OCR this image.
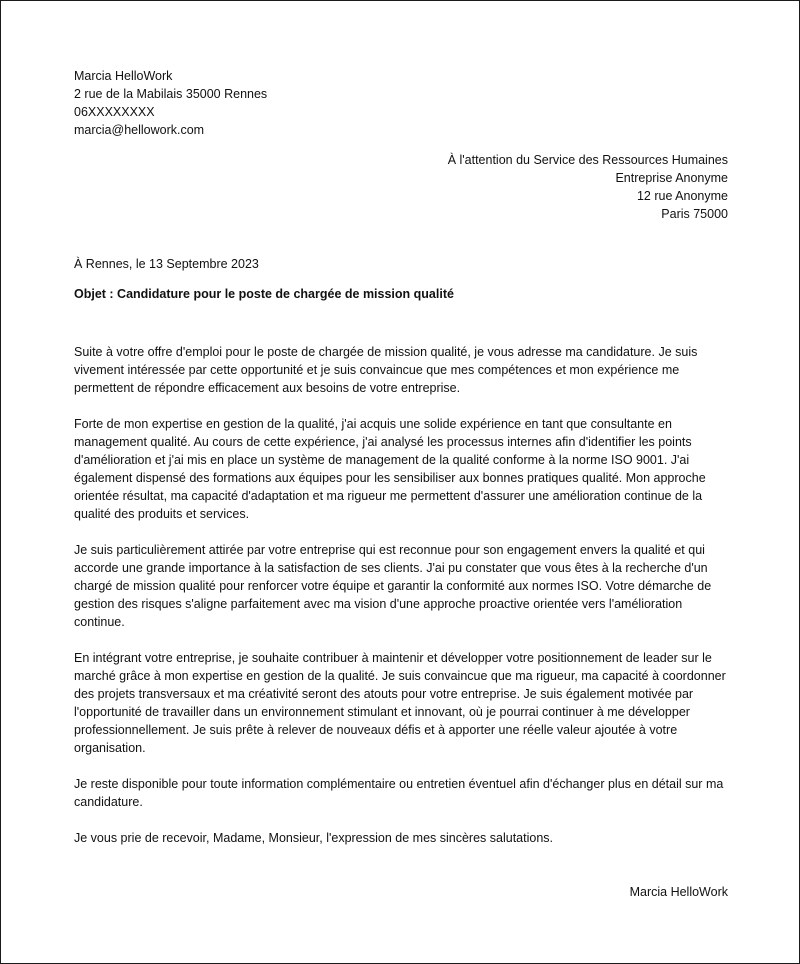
Marcia HelloWork
2 rue de la Mabilais 35000 Rennes
06XXXXXXXX
marcia@hellowork.com
À l'attention du Service des Ressources Humaines
Entreprise Anonyme
12 rue Anonyme
Paris 75000
À Rennes, le 13 Septembre 2023
Objet : Candidature pour le poste de chargée de mission qualité

Suite à votre offre d'emploi pour le poste de chargée de mission qualité, je vous adresse ma candidature. Je suis vivement intéressée par cette opportunité et je suis convaincue que mes compétences et mon expérience me permettent de répondre efficacement aux besoins de votre entreprise.

Forte de mon expertise en gestion de la qualité, j'ai acquis une solide expérience en tant que consultante en management qualité. Au cours de cette expérience, j'ai analysé les processus internes afin d'identifier les points d'amélioration et j'ai mis en place un système de management de la qualité conforme à la norme ISO 9001. J'ai également dispensé des formations aux équipes pour les sensibiliser aux bonnes pratiques qualité. Mon approche orientée résultat, ma capacité d'adaptation et ma rigueur me permettent d'assurer une amélioration continue de la qualité des produits et services.

Je suis particulièrement attirée par votre entreprise qui est reconnue pour son engagement envers la qualité et qui accorde une grande importance à la satisfaction de ses clients. J'ai pu constater que vous êtes à la recherche d'un chargé de mission qualité pour renforcer votre équipe et garantir la conformité aux normes ISO. Votre démarche de gestion des risques s'aligne parfaitement avec ma vision d'une approche proactive orientée vers l'amélioration continue.

En intégrant votre entreprise, je souhaite contribuer à maintenir et développer votre positionnement de leader sur le marché grâce à mon expertise en gestion de la qualité. Je suis convaincue que ma rigueur, ma capacité à coordonner des projets transversaux et ma créativité seront des atouts pour votre entreprise. Je suis également motivée par l'opportunité de travailler dans un environnement stimulant et innovant, où je pourrai continuer à me développer professionnellement. Je suis prête à relever de nouveaux défis et à apporter une réelle valeur ajoutée à votre organisation.

Je reste disponible pour toute information complémentaire ou entretien éventuel afin d'échanger plus en détail sur ma candidature.

Je vous prie de recevoir, Madame, Monsieur, l'expression de mes sincères salutations.
Marcia HelloWork
